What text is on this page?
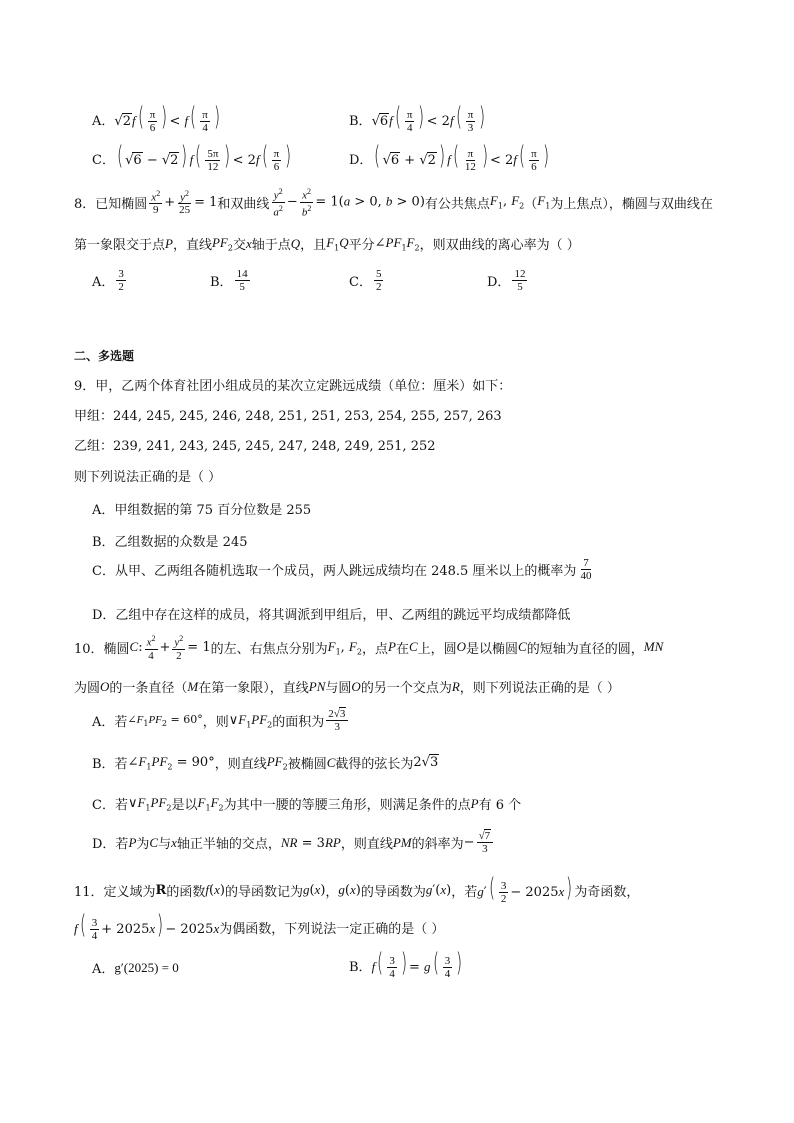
A． $√2f( \frac{\pi}{6}$ ) < $f( \frac{\pi}{4}$ )	B． $√6f( \frac{\pi}{4}$ ) < $2f( \frac{\pi}{3}$ )
C． ( √6 − √2 ) $f( \frac{5\pi}{12}$ ) < $2f( \frac{\pi}{6}$ )	D． ( √6 + √2 ) $f( \frac{\pi}{12}$ ) < $2f( \frac{\pi}{6}$ )
8． 已知椭圆 $\frac{x^2}{9} + \frac{y^2}{25} = 1$ 和双曲线 $\frac{y^2}{a^2} - \frac{x^2}{b^2} = 1(a > 0$, b > 0) 有公共焦点 $F_1$, $F_2$ （ $F_1$ 为上焦点），椭圆与双曲线在
第一象限交于点 P ，直线 $PF_2$ 交 x 轴于点 Q ，且 $F_1Q$ 平分 $\angle PF_1F_2$ ，则双曲线的离心率为（ ）
A． $\frac{3}{2}$	B． $\frac{14}{5}$	C． $\frac{5}{2}$	D． $\frac{12}{5}$
二、多选题
9．甲，乙两个体育社团小组成员的某次立定跳远成绩（单位：厘米）如下：
甲组：244, 245, 245, 246, 248, 251, 251, 253, 254, 255, 257, 263
乙组：239, 241, 243, 245, 245, 247, 248, 249, 251, 252
则下列说法正确的是（ ）
A．甲组数据的第 75 百分位数是 255
B．乙组数据的众数是 245
C．从甲、乙两组各随机选取一个成员，两人跳远成绩均在 248.5 厘米以上的概率为 $\frac{7}{40}$
D．乙组中存在这样的成员，将其调派到甲组后，甲、乙两组的跳远平均成绩都降低
10．椭圆 C: $\frac{x^2}{4} + \frac{y^2}{2} = 1$ 的左、右焦点分别为 $F_1$, $F_2$ ，点 P 在 C 上，圆 O 是以椭圆 C 的短轴为直径的圆， MN
为圆 O 的一条直径（ M 在第一象限），直线 PN 与圆 O 的另一个交点为 R ，则下列说法正确的是（ ）
A．若 $\angle F_1PF_2 = 60^\circ$ ，则 $\vee F_1PF_2$ 的面积为 $\frac{2√3}{3}$
B．若 $\angle F_1PF_2 = 90^\circ$ ，则直线 $PF_2$ 被椭圆 C 截得的弦长为 2√3
C．若 $\vee F_1PF_2$ 是以 $F_1F_2$ 为其中一腰的等腰三角形，则满足条件的点 P 有 6 个
D．若 P 为 C 与 x 轴正半轴的交点， NR = 3RP ，则直线 PM 的斜率为 − $\frac{√7}{3}$
11．定义域为 R 的函数 f(x) 的导函数记为 g(x) ， g(x) 的导函数为 g′(x) ，若 $g'( \frac{3}{2} - 2025x)$ 为奇函数，
$f( \frac{3}{4} + 2025x) - 2025x$ 为偶函数，下列说法一定正确的是（ ）
A． g′(2025) = 0	B． $f( \frac{3}{4}$ ) = $g( \frac{3}{4}$ )
